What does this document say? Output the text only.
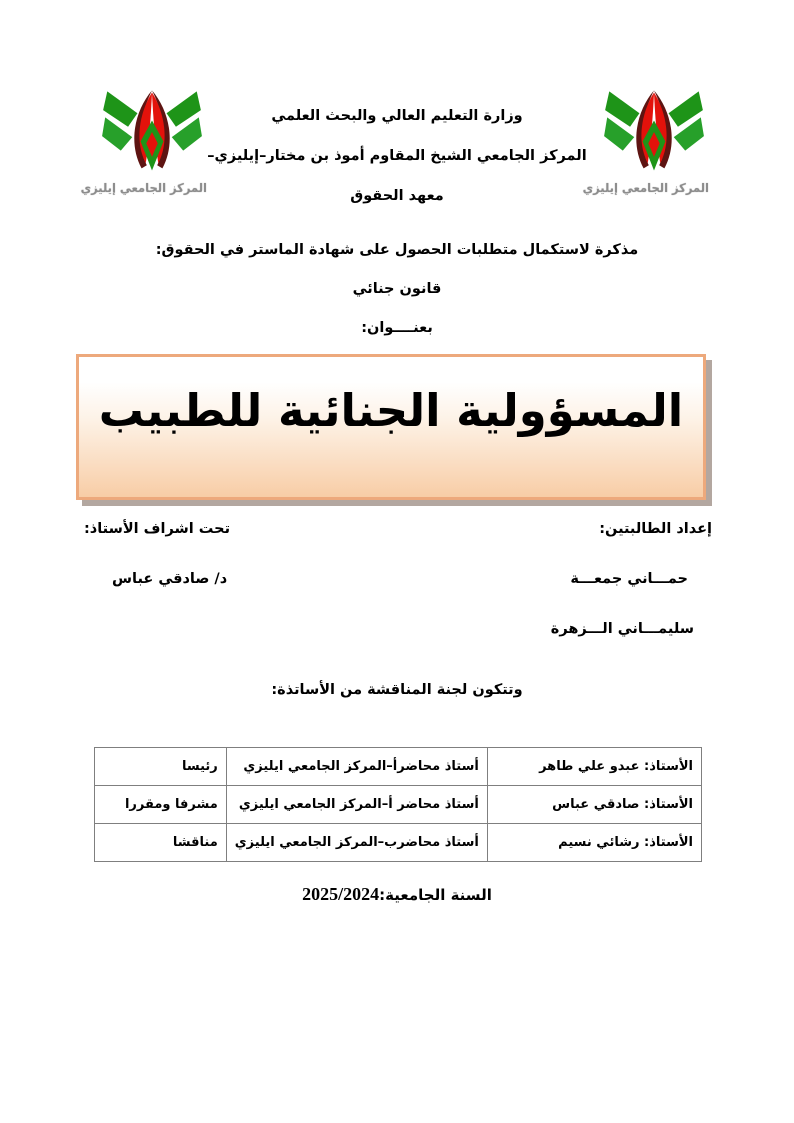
المركز الجامعي إيليزي	المركز الجامعي إيليزي
وزارة التعليم العالي والبحث العلمي
المركز الجامعي الشيخ المقاوم أموذ بن مختار–إيليزي–
معهد الحقوق
مذكرة لاستكمال متطلبات الحصول على شهادة الماستر في الحقوق:
قانون جنائي
بعنــــوان:
المسؤولية الجنائية للطبيب
إعداد الطالبتين:
تحت اشراف الأستاذ:
حمـــاني جمعـــة
د/ صادقي عباس
سليمـــاني الـــزهرة
وتتكون لجنة المناقشة من الأساتذة:
الأستاذ: عبدو علي طاهر	أستاذ محاضرأ–المركز الجامعي ايليزي	رئيسا
الأستاذ: صادقي عباس	أستاذ محاضر أ–المركز الجامعي ايليزي	مشرفا ومقررا
الأستاذ: رشائي نسيم	أستاذ محاضرب–المركز الجامعي ايليزي	مناقشا
السنة الجامعية:2025/2024
